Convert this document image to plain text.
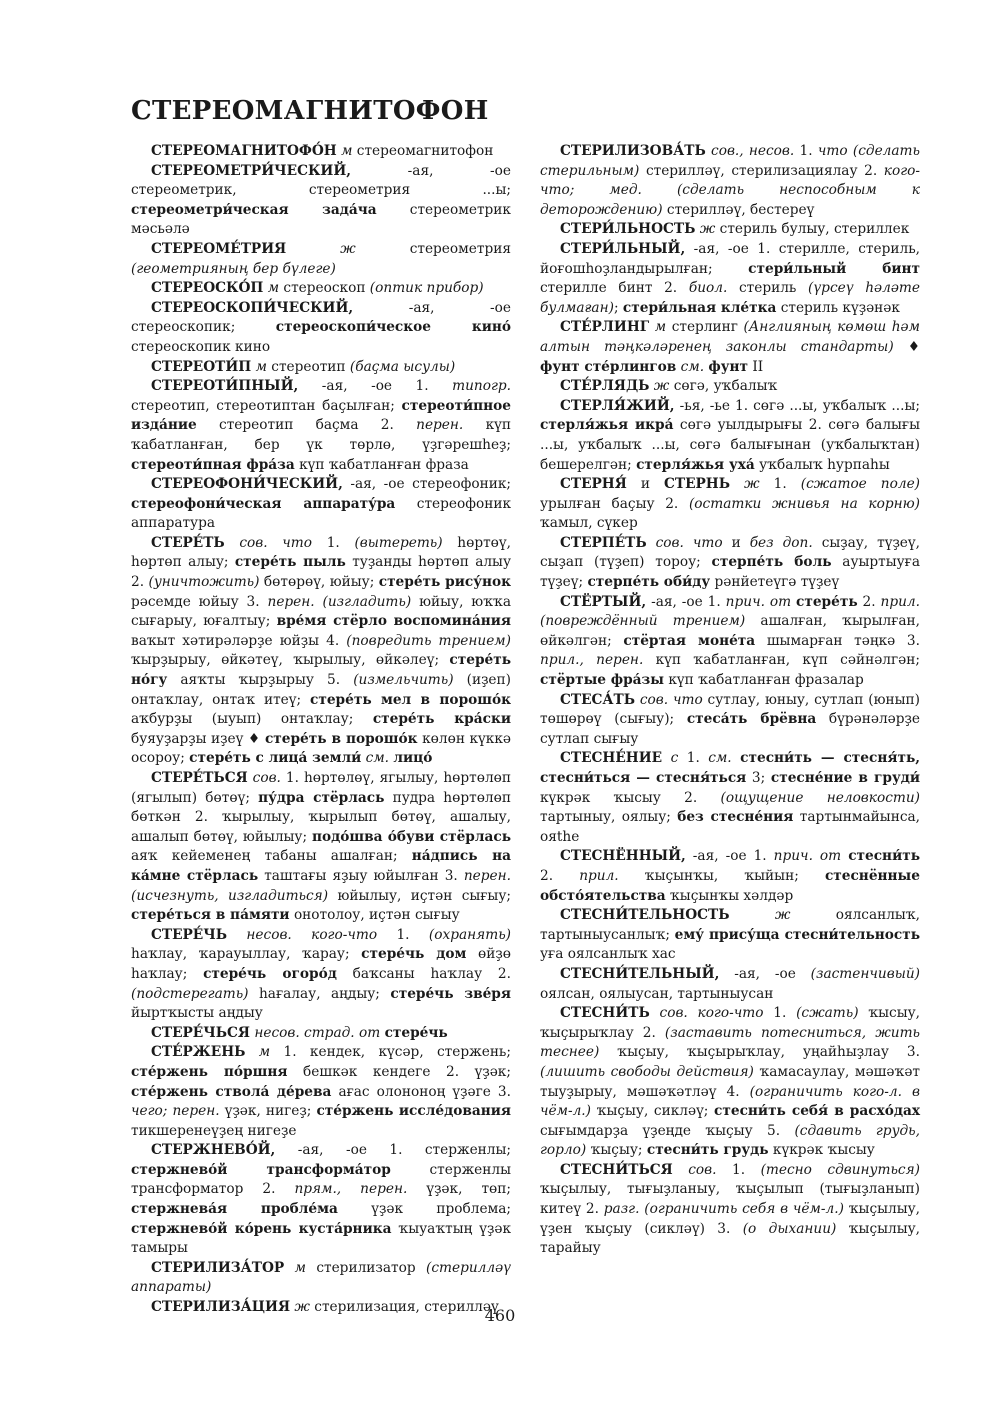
СТЕРЕОМАГНИТОФОН

СТЕРЕОМАГНИТОФО́Н м стереомагнитофон

СТЕРЕОМЕТРИ́ЧЕСКИЙ, -ая, -ое стереометрик, стереометрия ...ы; стереометри́ческая зада́ча стереометрик мәсьәлә

СТЕРЕОМЕ́ТРИЯ ж стереометрия (геометрияның бер бүлеге)

СТЕРЕОСКО́П м стереоскоп (оптик прибор)

СТЕРЕОСКОПИ́ЧЕСКИЙ, -ая, -ое стереоскопик; стереоскопи́ческое кино́ стереоскопик кино

СТЕРЕОТИ́П м стереотип (баҫма ысулы)

СТЕРЕОТИ́ПНЫЙ, -ая, -ое 1. типогр. стереотип, стереотиптан баҫылған; стереоти́пное изда́ние стереотип баҫма 2. перен. күп ҡабатланған, бер үк төрлө, үҙгәрешһеҙ; стереоти́пная фра́за күп ҡабатланған фраза

СТЕРЕОФОНИ́ЧЕСКИЙ, -ая, -ое стереофоник; стереофони́ческая аппарату́ра стереофоник аппаратура

СТЕРЕ́ТЬ сов. что 1. (вытереть) һөртөү, һөртөп алыу; стере́ть пыль туҙанды һөртөп алыу 2. (уничтожить) бөтөрөү, юйыу; стере́ть рису́нок рәсемде юйыу 3. перен. (изгладить) юйыу, юҡҡа сығарыу, юғалтыу; вре́мя стёрло воспомина́ния ваҡыт хәтирәләрҙе юйҙы 4. (повредить трением) ҡырҙырыу, өйкәтеү, ҡырылыу, өйкәлеү; стере́ть но́гу аяҡты ҡырҙырыу 5. (измельчить) (иҙеп) онтаҡлау, онтаҡ итеү; стере́ть мел в порошо́к аҡбурҙы (ыуып) онтаҡлау; стере́ть кра́ски буяуҙарҙы иҙеү ♦ стере́ть в порошо́к көлөн күккә осороу; стере́ть с лица́ земли́ см. лицо́

СТЕРЕ́ТЬСЯ сов. 1. һөртөлөү, ягылыу, һөртөлөп (ягылып) бөтөү; пу́дра стёрлась пудра һөртөлөп бөткән 2. ҡырылыу, ҡырылып бөтөү, ашалыу, ашалып бөтөү, юйылыу; подо́шва о́буви стёрлась аяҡ кейеменең табаны ашалған; на́дпись на ка́мне стёрлась таштағы яҙыу юйылған 3. перен. (исчезнуть, изгладиться) юйылыу, иҫтән сығыу; стере́ться в па́мяти онотолоу, иҫтән сығыу

СТЕРЕ́ЧЬ несов. кого-что 1. (охранять) һаҡлау, ҡарауыллау, ҡарау; стере́чь дом өйҙө һаҡлау; стере́чь огоро́д баҡсаны һаҡлау 2. (подстерегать) һағалау, аңдыу; стере́чь зве́ря йыртҡысты аңдыу

СТЕРЕ́ЧЬСЯ несов. страд. от стере́чь

СТЕ́РЖЕНЬ м 1. кендек, күсәр, стержень; сте́ржень по́ршня бешкәк кендеге 2. үҙәк; сте́ржень ствола́ де́рева ағас олононоң үҙәге 3. чего; перен. үҙәк, нигеҙ; сте́ржень иссле́дования тикшеренеүҙең нигеҙе

СТЕРЖНЕВО́Й, -ая, -ое 1. стерженлы; стержнево́й трансформа́тор стерженлы трансформатор 2. прям., перен. үҙәк, төп; стержнева́я пробле́ма үҙәк проблема; стержнево́й ко́рень куста́рника ҡыуаҡтың үҙәк тамыры

СТЕРИЛИЗА́ТОР м стерилизатор (стерилләү аппараты)

СТЕРИЛИЗА́ЦИЯ ж стерилизация, стерилләү

СТЕРИЛИЗОВА́ТЬ сов., несов. 1. что (сделать стерильным) стерилләү, стерилизациялау 2. кого-что; мед. (сделать неспособным к деторождению) стерилләү, бестереү

СТЕРИ́ЛЬНОСТЬ ж стериль булыу, стериллек

СТЕРИ́ЛЬНЫЙ, -ая, -ое 1. стерилле, стериль, йоғошһоҙландырылған; стери́льный бинт стерилле бинт 2. биол. стериль (үрсеү һәләте булмаған); стери́льная кле́тка стериль күҙәнәк

СТЕ́РЛИНГ м стерлинг (Англияның көмөш һәм алтын тәңкәләренең законлы стандарты) ♦ фунт сте́рлингов см. фунт II

СТЕ́РЛЯДЬ ж сөгә, уҡбалыҡ

СТЕРЛЯ́ЖИЙ, -ья, -ье 1. сөгә ...ы, уҡбалыҡ ...ы; стерля́жья икра́ сөгә уылдырығы 2. сөгә балығы ...ы, уҡбалыҡ ...ы, сөгә балығынан (уҡбалыҡтан) бешерелгән; стерля́жья уха́ уҡбалыҡ һурпаһы

СТЕРНЯ́ и СТЕРНЬ ж 1. (сжатое поле) урылған баҫыу 2. (остатки жнивья на корню) ҡамыл, сүкер

СТЕРПЕ́ТЬ сов. что и без доп. сыҙау, түҙеү, сыҙап (түҙеп) тороу; стерпе́ть боль ауыртыуға түҙеү; стерпе́ть оби́ду рәнйетеүгә түҙеү

СТЁРТЫЙ, -ая, -ое 1. прич. от стере́ть 2. прил. (повреждённый трением) ашалған, ҡырылған, өйкәлгән; стёртая моне́та шымарған тәңкә 3. прил., перен. күп ҡабатланған, күп сәйнәлгән; стёртые фра́зы күп ҡабатланған фразалар

СТЕСА́ТЬ сов. что сутлау, юныу, сутлап (юнып) төшөрөү (сығыу); стеса́ть брёвна бүрәнәләрҙе сутлап сығыу

СТЕСНЕ́НИЕ с 1. см. стесни́ть — стесня́ть, стесни́ться — стесня́ться 3; стесне́ние в груди́ күкрәк ҡысыу 2. (ощущение неловкости) тартыныу, оялыу; без стесне́ния тартынмайынса, ояthe

СТЕСНЁННЫЙ, -ая, -ое 1. прич. от стесни́ть 2. прил. ҡыҫынҡы, ҡыйын; стеснённые обсто́ятельства ҡыҫынҡы хәлдәр

СТЕСНИ́ТЕЛЬНОСТЬ ж оялсанлыҡ, тартыныусанлыҡ; ему́ прису́ща стесни́тельность уға оялсанлыҡ хас

СТЕСНИ́ТЕЛЬНЫЙ, -ая, -ое (застенчивый) оялсан, оялыусан, тартыныусан

СТЕСНИ́ТЬ сов. кого-что 1. (сжать) ҡысыу, ҡыҫырыҡлау 2. (заставить потесниться, жить теснее) ҡыҫыу, ҡыҫырыҡлау, уңайһыҙлау 3. (лишить свободы действия) ҡамасаулау, мәшәҡәт тыуҙырыу, мәшәҡәтләү 4. (ограничить кого-л. в чём-л.) ҡыҫыу, сикләү; стесни́ть себя́ в расхо́дах сығымдарҙа үҙеңде ҡыҫыу 5. (сдавить грудь, горло) ҡыҫыу; стесни́ть грудь күкрәк ҡысыу

СТЕСНИ́ТЬСЯ сов. 1. (тесно сдвинуться) ҡыҫылыу, тығыҙланыу, ҡыҫылып (тығыҙланып) китеү 2. разг. (ограничить себя в чём-л.) ҡыҫылыу, үҙен ҡыҫыу (сикләү) 3. (о дыхании) ҡыҫылыу, тарайыу

460
